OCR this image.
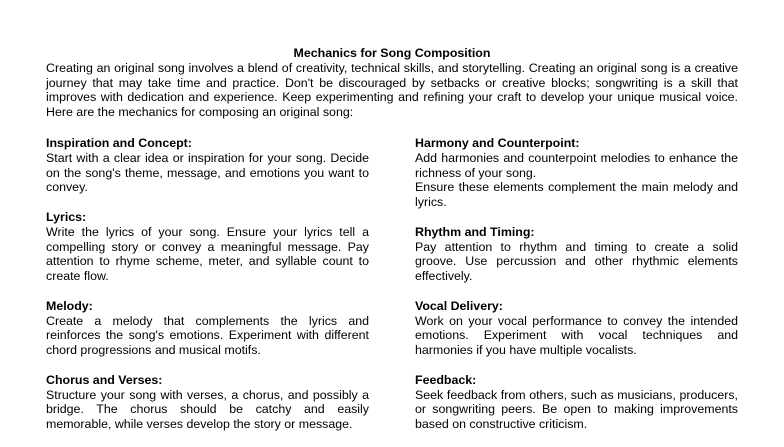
Mechanics for Song Composition
Creating an original song involves a blend of creativity, technical skills, and storytelling. Creating an original song is a creative journey that may take time and practice. Don't be discouraged by setbacks or creative blocks; songwriting is a skill that improves with dedication and experience. Keep experimenting and refining your craft to develop your unique musical voice. Here are the mechanics for composing an original song:
Inspiration and Concept:

Start with a clear idea or inspiration for your song. Decide on the song's theme, message, and emotions you want to convey.

Lyrics:

Write the lyrics of your song. Ensure your lyrics tell a compelling story or convey a meaningful message. Pay attention to rhyme scheme, meter, and syllable count to create flow.

Melody:

Create a melody that complements the lyrics and reinforces the song's emotions. Experiment with different chord progressions and musical motifs.

Chorus and Verses:

Structure your song with verses, a chorus, and possibly a bridge. The chorus should be catchy and easily memorable, while verses develop the story or message.

Harmony and Counterpoint:

Add harmonies and counterpoint melodies to enhance the richness of your song.

Ensure these elements complement the main melody and lyrics.

Rhythm and Timing:

Pay attention to rhythm and timing to create a solid groove. Use percussion and other rhythmic elements effectively.

Vocal Delivery:

Work on your vocal performance to convey the intended emotions. Experiment with vocal techniques and harmonies if you have multiple vocalists.

Feedback:

Seek feedback from others, such as musicians, producers, or songwriting peers. Be open to making improvements based on constructive criticism.
